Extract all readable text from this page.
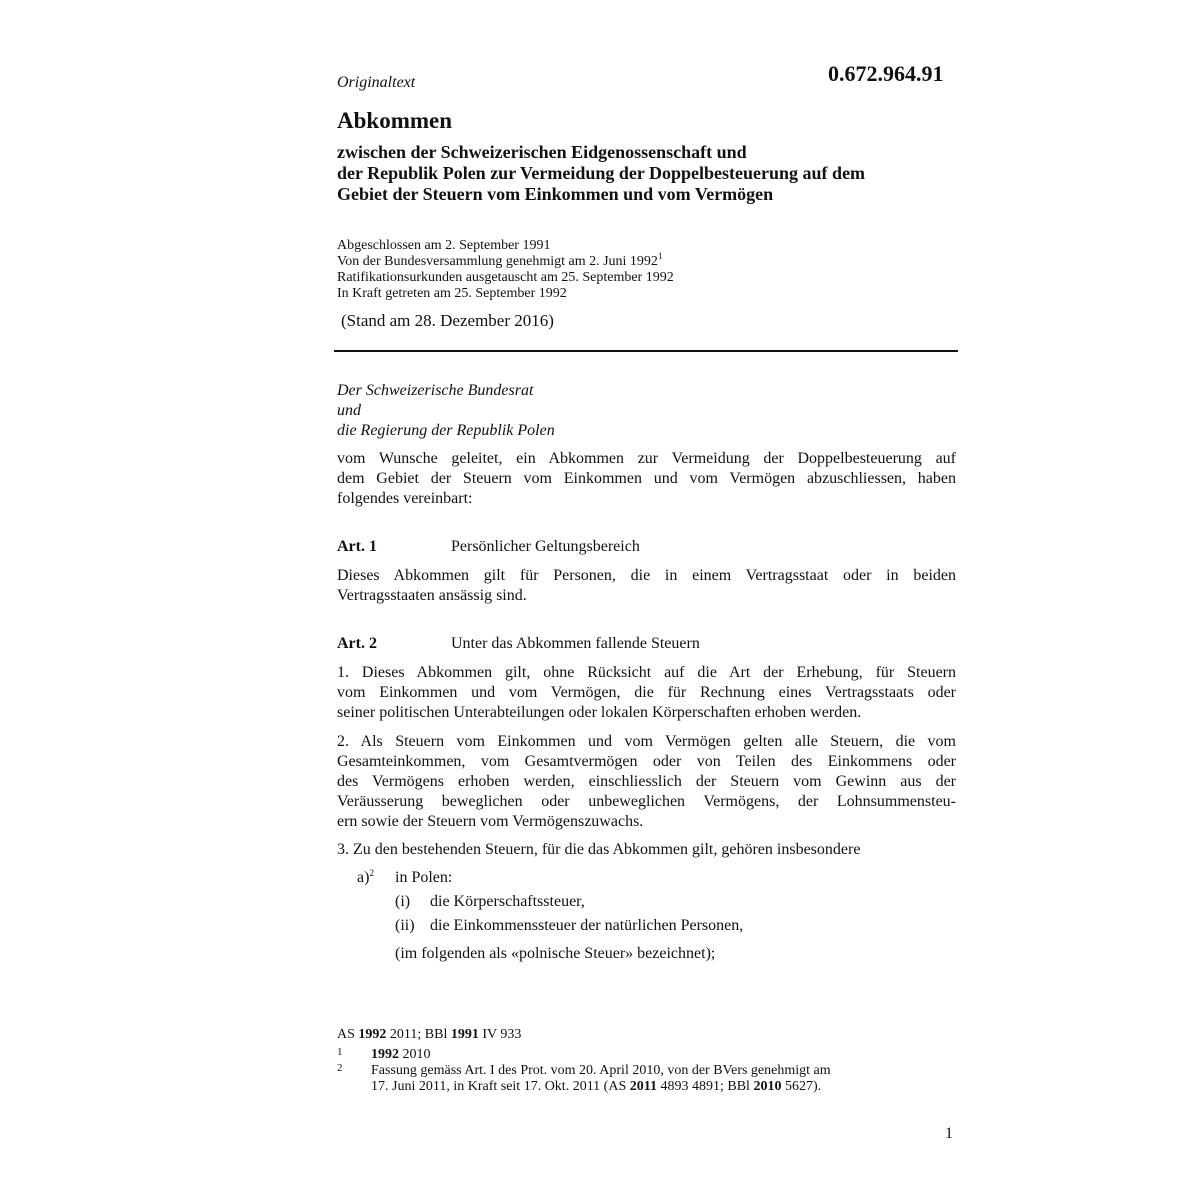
Originaltext	0.672.964.91
Abkommen
zwischen der Schweizerischen Eidgenossenschaft und
der Republik Polen zur Vermeidung der Doppelbesteuerung auf dem
Gebiet der Steuern vom Einkommen und vom Vermögen
Abgeschlossen am 2. September 1991
Von der Bundesversammlung genehmigt am 2. Juni 1992$^1$
Ratifikationsurkunden ausgetauscht am 25. September 1992
In Kraft getreten am 25. September 1992
(Stand am 28. Dezember 2016)
Der Schweizerische Bundesrat
und
die Regierung der Republik Polen
vom Wunsche geleitet, ein Abkommen zur Vermeidung der Doppelbesteuerung auf
dem Gebiet der Steuern vom Einkommen und vom Vermögen abzuschliessen, haben
folgendes vereinbart:
Art. 1	Persönlicher Geltungsbereich
Dieses Abkommen gilt für Personen, die in einem Vertragsstaat oder in beiden
Vertragsstaaten ansässig sind.
Art. 2	Unter das Abkommen fallende Steuern
1. Dieses Abkommen gilt, ohne Rücksicht auf die Art der Erhebung, für Steuern
vom Einkommen und vom Vermögen, die für Rechnung eines Vertragsstaats oder
seiner politischen Unterabteilungen oder lokalen Körperschaften erhoben werden.
2. Als Steuern vom Einkommen und vom Vermögen gelten alle Steuern, die vom
Gesamteinkommen, vom Gesamtvermögen oder von Teilen des Einkommens oder
des Vermögens erhoben werden, einschliesslich der Steuern vom Gewinn aus der
Veräusserung beweglichen oder unbeweglichen Vermögens, der Lohnsummensteu-
ern sowie der Steuern vom Vermögenszuwachs.
3. Zu den bestehenden Steuern, für die das Abkommen gilt, gehören insbesondere
a)$^2$ in Polen:
(i) die Körperschaftssteuer,
(ii) die Einkommenssteuer der natürlichen Personen,
(im folgenden als «polnische Steuer» bezeichnet);
AS 1992 2011; BBl 1991 IV 933
1 1992 2010
2 Fassung gemäss Art. I des Prot. vom 20. April 2010, von der BVers genehmigt am
17. Juni 2011, in Kraft seit 17. Okt. 2011 (AS 2011 4893 4891; BBl 2010 5627).
1
